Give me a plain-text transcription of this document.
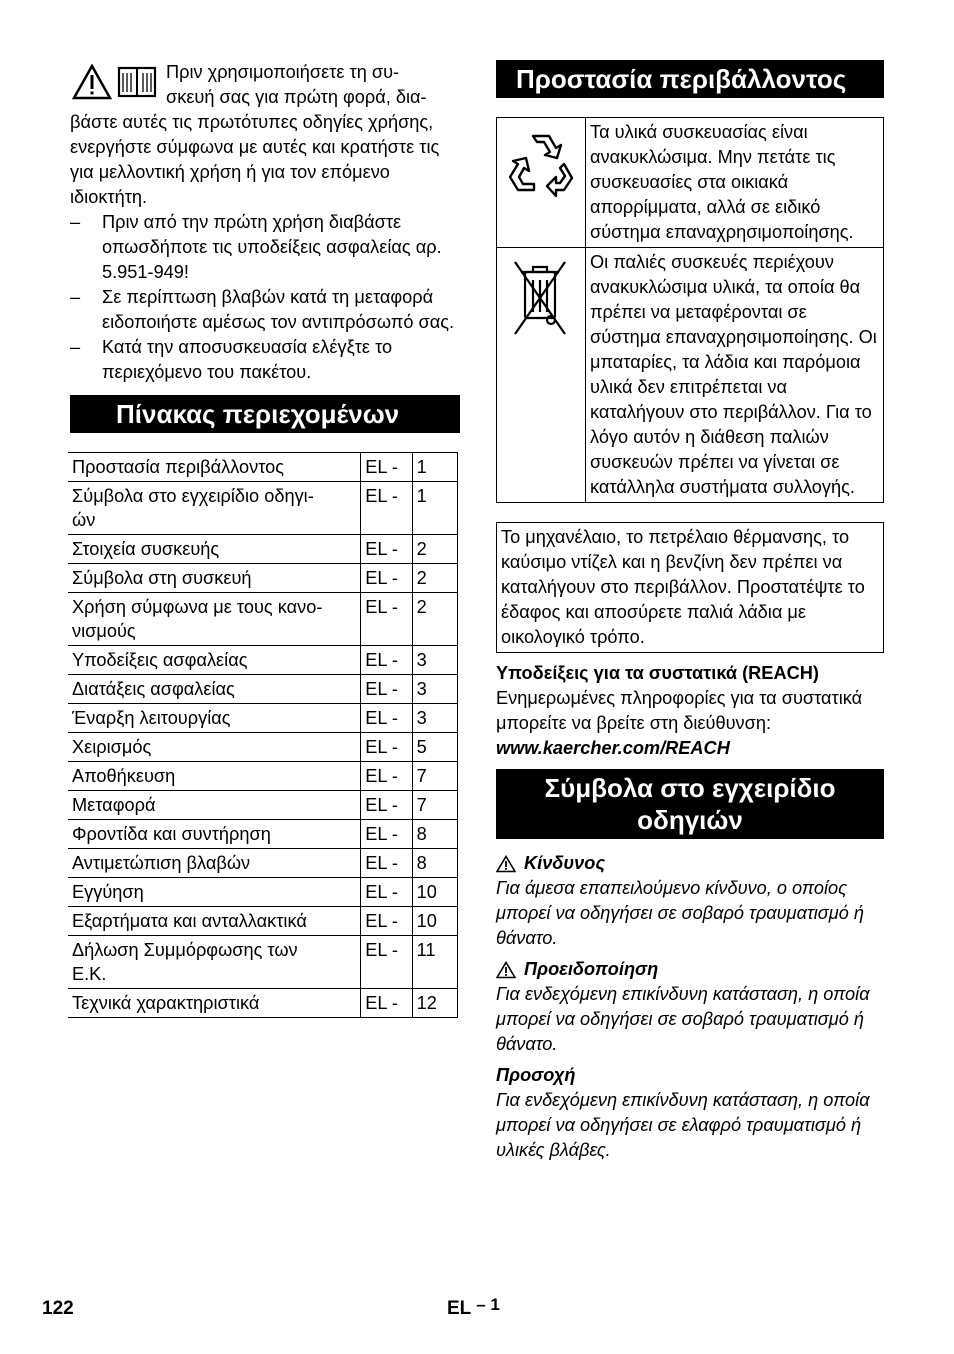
Πριν χρησιμοποιήσετε τη συ-
σκευή σας για πρώτη φορά, δια-

βάστε αυτές τις πρωτότυπες οδηγίες χρήσης, ενεργήστε σύμφωνα με αυτές και κρατήστε τις για μελλοντική χρήση ή για τον επόμενο ιδιοκτήτη.

– Πριν από την πρώτη χρήση διαβάστε οπωσδήποτε τις υποδείξεις ασφαλείας αρ. 5.951-949!
– Σε περίπτωση βλαβών κατά τη μεταφορά ειδοποιήστε αμέσως τον αντιπρόσωπό σας.
– Κατά την αποσυσκευασία ελέγξτε το περιεχόμενο του πακέτου.
Πίνακας περιεχομένων
Προστασία περιβάλλοντος	EL -	1
Σύμβολα στο εγχειρίδιο οδηγι-
ών	EL -	1
Στοιχεία συσκευής	EL -	2
Σύμβολα στη συσκευή	EL -	2
Χρήση σύμφωνα με τους κανο-
νισμούς	EL -	2
Υποδείξεις ασφαλείας	EL -	3
Διατάξεις ασφαλείας	EL -	3
Έναρξη λειτουργίας	EL -	3
Χειρισμός	EL -	5
Αποθήκευση	EL -	7
Μεταφορά	EL -	7
Φροντίδα και συντήρηση	EL -	8
Αντιμετώπιση βλαβών	EL -	8
Εγγύηση	EL -	10
Εξαρτήματα και ανταλλακτικά	EL -	10
Δήλωση Συμμόρφωσης των
Ε.Κ.	EL -	11
Τεχνικά χαρακτηριστικά	EL -	12
Προστασία περιβάλλοντος
	Τα υλικά συσκευασίας είναι ανακυκλώσιμα. Μην πετάτε τις συσκευασίες στα οικιακά απορρίμματα, αλλά σε ειδικό σύστημα επαναχρησιμοποίησης.
	Οι παλιές συσκευές περιέχουν ανακυκλώσιμα υλικά, τα οποία θα πρέπει να μεταφέρονται σε σύστημα επαναχρησιμοποίησης. Οι μπαταρίες, τα λάδια και παρόμοια υλικά δεν επιτρέπεται να καταλήγουν στο περιβάλλον. Για το λόγο αυτόν η διάθεση παλιών συσκευών πρέπει να γίνεται σε κατάλληλα συστήματα συλλογής.
Το μηχανέλαιο, το πετρέλαιο θέρμανσης, το καύσιμο ντίζελ και η βενζίνη δεν πρέπει να καταλήγουν στο περιβάλλον. Προστατέψτε το έδαφος και αποσύρετε παλιά λάδια με οικολογικό τρόπο.

Υποδείξεις για τα συστατικά (REACH)

Ενημερωμένες πληροφορίες για τα συστατικά μπορείτε να βρείτε στη διεύθυνση:

www.kaercher.com/REACH

Σύμβολα στο εγχειρίδιο οδηγιών
Κίνδυνος

Για άμεσα επαπειλούμενο κίνδυνο, ο οποίος μπορεί να οδηγήσει σε σοβαρό τραυματισμό ή θάνατο.

Προειδοποίηση

Για ενδεχόμενη επικίνδυνη κατάσταση, η οποία μπορεί να οδηγήσει σε σοβαρό τραυματισμό ή θάνατο.

Προσοχή

Για ενδεχόμενη επικίνδυνη κατάσταση, η οποία μπορεί να οδηγήσει σε ελαφρό τραυματισμό ή υλικές βλάβες.

122	EL – 1
